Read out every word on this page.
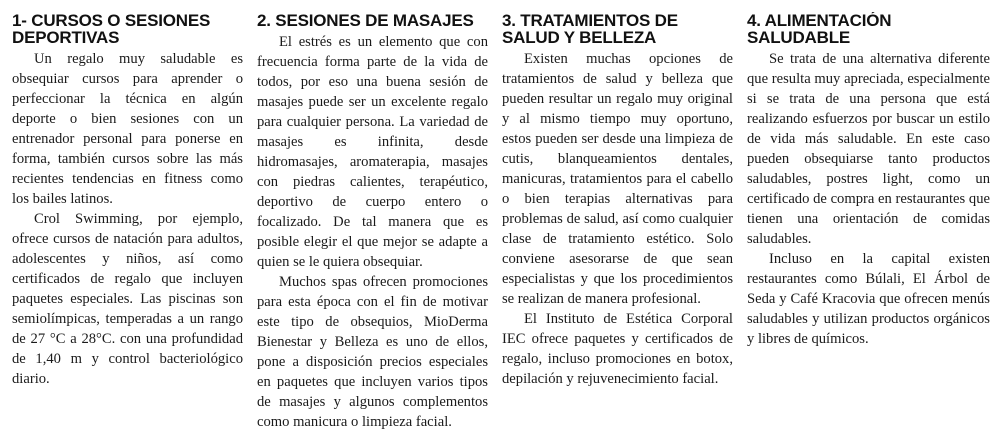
1- CURSOS O SESIONES DEPORTIVAS

Un regalo muy saludable es obsequiar cursos para aprender o perfeccionar la técnica en algún deporte o bien sesiones con un entrenador personal para ponerse en forma, también cursos sobre las más recientes tendencias en fitness como los bailes latinos.

Crol Swimming, por ejemplo, ofrece cursos de natación para adultos, adolescentes y niños, así como certificados de regalo que incluyen paquetes especiales. Las piscinas son semiolímpicas, temperadas a un rango de 27 °C a 28°C. con una profundidad de 1,40 m y control bacteriológico diario.

2. SESIONES DE MASAJES

El estrés es un elemento que con frecuencia forma parte de la vida de todos, por eso una buena sesión de masajes puede ser un excelente regalo para cualquier persona. La variedad de masajes es infinita, desde hidromasajes, aromaterapia, masajes con piedras calientes, terapéutico, deportivo de cuerpo entero o focalizado. De tal manera que es posible elegir el que mejor se adapte a quien se le quiera obsequiar.

Muchos spas ofrecen promociones para esta época con el fin de motivar este tipo de obsequios, MioDerma Bienestar y Belleza es uno de ellos, pone a disposición precios especiales en paquetes que incluyen varios tipos de masajes y algunos complementos como manicura o limpieza facial.

3. TRATAMIENTOS DE SALUD Y BELLEZA

Existen muchas opciones de tratamientos de salud y belleza que pueden resultar un regalo muy original y al mismo tiempo muy oportuno, estos pueden ser desde una limpieza de cutis, blanqueamientos dentales, manicuras, tratamientos para el cabello o bien terapias alternativas para problemas de salud, así como cualquier clase de tratamiento estético. Solo conviene asesorarse de que sean especialistas y que los procedimientos se realizan de manera profesional.

El Instituto de Estética Corporal IEC ofrece paquetes y certificados de regalo, incluso promociones en botox, depilación y rejuvenecimiento facial.

4. ALIMENTACIÓN SALUDABLE

Se trata de una alternativa diferente que resulta muy apreciada, especialmente si se trata de una persona que está realizando esfuerzos por buscar un estilo de vida más saludable. En este caso pueden obsequiarse tanto productos saludables, postres light, como un certificado de compra en restaurantes que tienen una orientación de comidas saludables.

Incluso en la capital existen restaurantes como Búlali, El Árbol de Seda y Café Kracovia que ofrecen menús saludables y utilizan productos orgánicos y libres de químicos.
